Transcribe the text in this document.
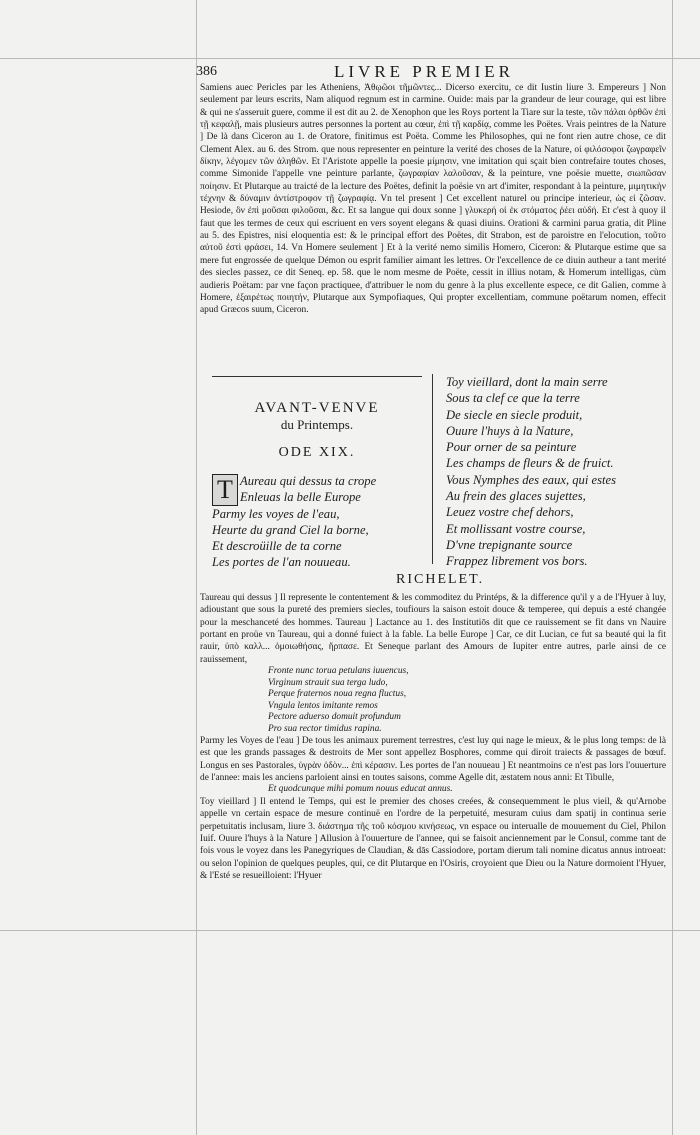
386	LIVRE PREMIER

Samiens auec Pericles par les Atheniens, Ἀθῳῶοι τῆμῶντες... Dicerso exercitu, ce dit Iustin liure 3. Empereurs ] Non seulement par leurs escrits, Nam aliquod regnum est in carmine. Ouide: mais par la grandeur de leur courage, qui est libre & qui ne s'asseruit guere, comme il est dit au 2. de Xenophon que les Roys portent la Tiare sur la teste, τῶν πάλαι ὀρθῶν ἐπὶ τῇ κεφαλῇ, mais plusieurs autres personnes la portent au cœur, ἐπὶ τῇ καρδίᾳ, comme les Poëtes. Vrais peintres de la Nature ] De là dans Ciceron au 1. de Oratore, finitimus est Poëta. Comme les Philosophes, qui ne font rien autre chose, ce dit Clement Alex. au 6. des Strom. que nous representer en peinture la verité des choses de la Nature, οἱ φιλόσοφοι ζωγραφεῖν δίκην, λέγομεν τῶν ἀληθῶν. Et l'Aristote appelle la poesie μίμησιν, vne imitation qui sçait bien contrefaire toutes choses, comme Simonide l'appelle vne peinture parlante, ζωγραφίαν λαλοῦσαν, & la peinture, vne poësie muette, σιωπῶσαν ποίησιν. Et Plutarque au traicté de la lecture des Poëtes, definit la poësie vn art d'imiter, respondant à la peinture, μιμητικὴν τέχνην & δύναμιν ἀντίστροφον τῇ ζωγραφίᾳ. Vn tel present ] Cet excellent naturel ou principe interieur, ὡς εἰ ζῶσαν. Hesiode, ὃν ἐπὶ μοῦσαι φιλοῦσαι, &c. Et sa langue qui doux sonne ] γλυκερή οἱ ἐκ στόματος ῥέει αὐδή. Et c'est à quoy il faut que les termes de ceux qui escriuent en vers soyent elegans & quasi diuins. Orationi & carmini parua gratia, dit Pline au 5. des Epistres, nisi eloquentia est: & le principal effort des Poëtes, dit Strabon, est de paroistre en l'elocution, τοῦτο αὐτοῦ ἐστὶ φράσει, 14. Vn Homere seulement ] Et à la verité nemo similis Homero, Ciceron: & Plutarque estime que sa mere fut engrossée de quelque Démon ou esprit familier aimant les lettres. Or l'excellence de ce diuin autheur a tant merité des siecles passez, ce dit Seneq. ep. 58. que le nom mesme de Poëte, cessit in illius notam, & Homerum intelligas, cùm audieris Poëtam: par vne façon practiquee, d'attribuer le nom du genre à la plus excellente espece, ce dit Galien, comme à Homere, ἐξαιρέτως ποιητήν, Plutarque aux Sympofiaques, Qui propter excellentiam, commune poëtarum nomen, effecit apud Græcos suum, Ciceron.

AVANT-VENVE

du Printemps.

ODE XIX.

T Aureau qui dessus ta crope

Enleuas la belle Europe

Parmy les voyes de l'eau,

Heurte du grand Ciel la borne,

Et descroüille de ta corne

Les portes de l'an nouueau.

Toy vieillard, dont la main serre

Sous ta clef ce que la terre

De siecle en siecle produit,

Ouure l'huys à la Nature,

Pour orner de sa peinture

Les champs de fleurs & de fruict.

Vous Nymphes des eaux, qui estes

Au frein des glaces sujettes,

Leuez vostre chef dehors,

Et mollissant vostre course,

D'vne trepignante source

Frappez librement vos bors.

RICHELET.

Taureau qui dessus ] Il represente le contentement & les commoditez du Printéps, & la difference qu'il y a de l'Hyuer à luy, adioustant que sous la pureté des premiers siecles, toufiours la saison estoit douce & temperee, qui depuis a esté changée pour la meschanceté des hommes. Taureau ] Lactance au 1. des Institutiōs dit que ce rauissement se fit dans vn Nauire portant en proüe vn Taureau, qui a donné fuiect à la fable. La belle Europe ] Car, ce dit Lucian, ce fut sa beauté qui la fit rauir, ὑπὸ καλλ... ὁμοιωθήσας, ἥρπασε. Et Seneque parlant des Amours de Iupiter entre autres, parle ainsi de ce rauissement,

Fronte nunc torua petulans iuuencus,

Virginum strauit sua terga ludo,

Perque fraternos noua regna fluctus,

Vngula lentos imitante remos

Pectore aduerso domuit profundum

Pro sua rector timidus rapina.

Parmy les Voyes de l'eau ] De tous les animaux purement terrestres, c'est luy qui nage le mieux, & le plus long temps: de là est que les grands passages & destroits de Mer sont appellez Bosphores, comme qui diroit traiects & passages de bœuf. Longus en ses Pastorales, ὑγρὰν ὁδὸν... ἐπὶ κέρασιν. Les portes de l'an nouueau ] Et neantmoins ce n'est pas lors l'ouuerture de l'annee: mais les anciens parloient ainsi en toutes saisons, comme Agelle dit, æstatem nous anni: Et Tibulle,

Et quodcunque mihi pomum nouus educat annus.

Toy vieillard ] Il entend le Temps, qui est le premier des choses creées, & consequemment le plus vieil, & qu'Arnobe appelle vn certain espace de mesure continuë en l'ordre de la perpetuité, mesuram cuius dam spatij in continua serie perpetuitatis inclusam, liure 3. διάστημα τῆς τοῦ κόσμου κινήσεως, vn espace ou interualle de mouuement du Ciel, Philon Iuif. Ouure l'huys à la Nature ] Allusion à l'ouuerture de l'annee, qui se faisoit anciennement par le Consul, comme tant de fois vous le voyez dans les Panegyriques de Claudian, & dās Cassiodore, portam dierum tali nomine dicatus annus introeat: ou selon l'opinion de quelques peuples, qui, ce dit Plutarque en l'Osiris, croyoient que Dieu ou la Nature dormoient l'Hyuer, & l'Esté se resueilloient: l'Hyuer
